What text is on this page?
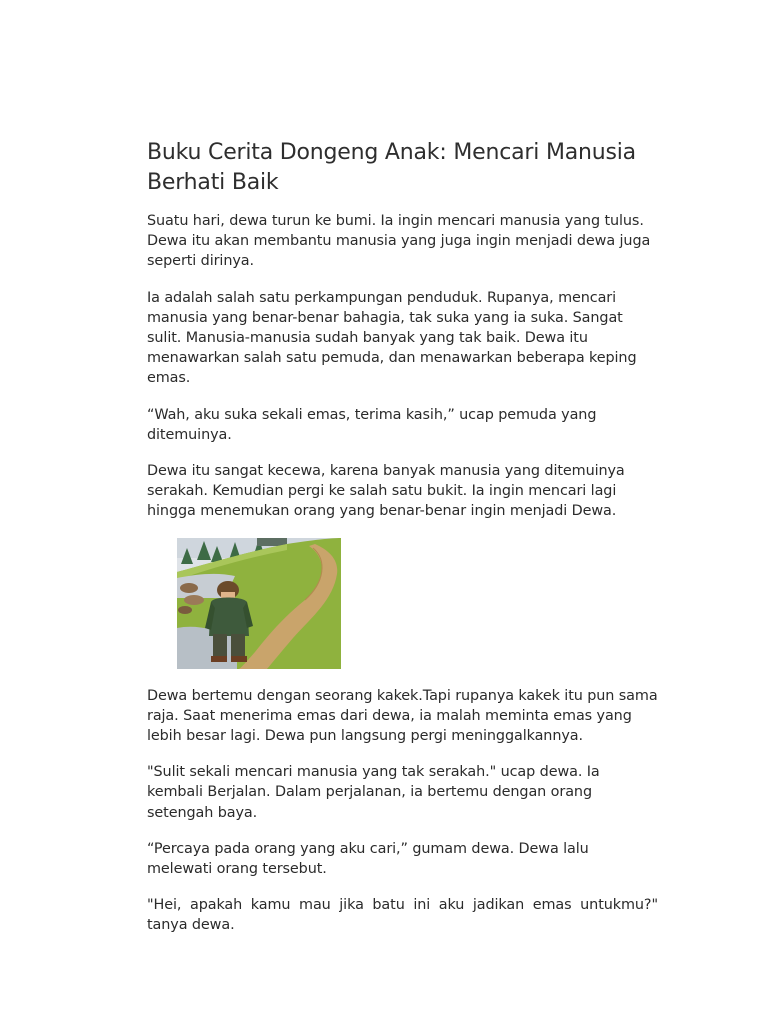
Buku Cerita Dongeng Anak: Mencari Manusia Berhati Baik

Suatu hari, dewa turun ke bumi. Ia ingin mencari manusia yang tulus. Dewa itu akan membantu manusia yang juga ingin menjadi dewa juga seperti dirinya.

Ia adalah salah satu perkampungan penduduk. Rupanya, mencari manusia yang benar-benar bahagia, tak suka yang ia suka. Sangat sulit. Manusia-manusia sudah banyak yang tak baik. Dewa itu menawarkan salah satu pemuda, dan menawarkan beberapa keping emas.

“Wah, aku suka sekali emas, terima kasih,” ucap pemuda yang ditemuinya.

Dewa itu sangat kecewa, karena banyak manusia yang ditemuinya serakah. Kemudian pergi ke salah satu bukit. Ia ingin mencari lagi hingga menemukan orang yang benar-benar ingin menjadi Dewa.

Dewa bertemu dengan seorang kakek.Tapi rupanya kakek itu pun sama raja. Saat menerima emas dari dewa, ia malah meminta emas yang lebih besar lagi. Dewa pun langsung pergi meninggalkannya.

"Sulit sekali mencari manusia yang tak serakah." ucap dewa. Ia kembali Berjalan. Dalam perjalanan, ia bertemu dengan orang setengah baya.

“Percaya pada orang yang aku cari,” gumam dewa. Dewa lalu melewati orang tersebut.

"Hei, apakah kamu mau jika batu ini aku jadikan emas untukmu?" tanya dewa.
